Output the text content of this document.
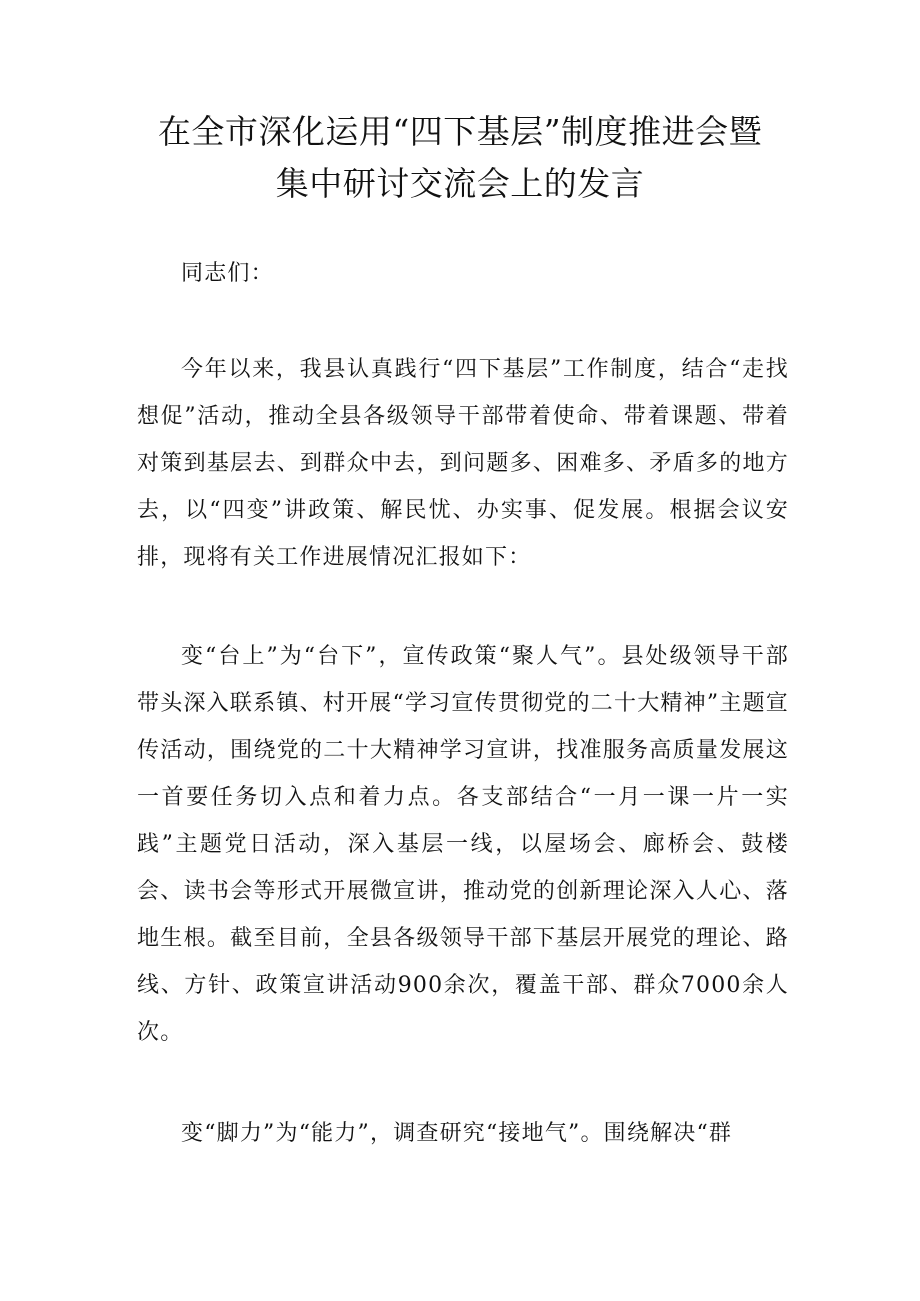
在全市深化运用“四下基层”制度推进会暨
集中研讨交流会上的发言

同志们：

今年以来，我县认真践行“四下基层”工作制度，结合“走找想促”活动，推动全县各级领导干部带着使命、带着课题、带着对策到基层去、到群众中去，到问题多、困难多、矛盾多的地方去，以“四变”讲政策、解民忧、办实事、促发展。根据会议安排，现将有关工作进展情况汇报如下：

变“台上”为“台下”，宣传政策“聚人气”。县处级领导干部带头深入联系镇、村开展“学习宣传贯彻党的二十大精神”主题宣传活动，围绕党的二十大精神学习宣讲，找准服务高质量发展这一首要任务切入点和着力点。各支部结合“一月一课一片一实践”主题党日活动，深入基层一线，以屋场会、廊桥会、鼓楼会、读书会等形式开展微宣讲，推动党的创新理论深入人心、落地生根。截至目前，全县各级领导干部下基层开展党的理论、路线、方针、政策宣讲活动900余次，覆盖干部、群众7000余人次。

变“脚力”为“能力”，调查研究“接地气”。围绕解决“群
